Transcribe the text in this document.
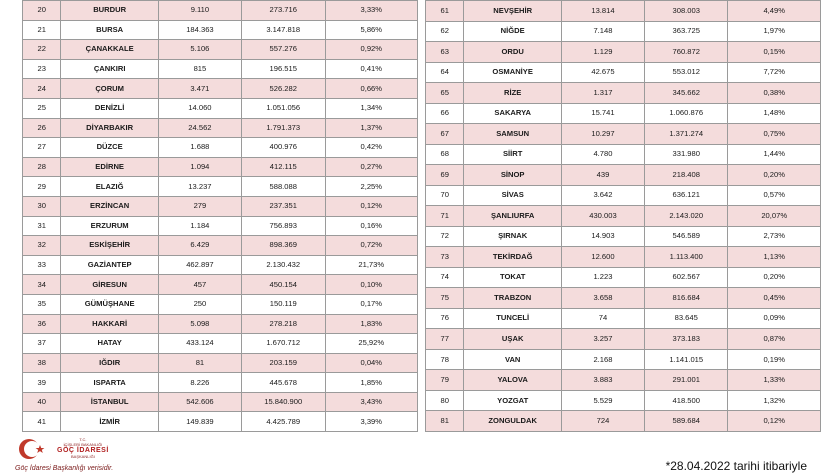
20	BURDUR	9.110	273.716	3,33%
21	BURSA	184.363	3.147.818	5,86%
22	ÇANAKKALE	5.106	557.276	0,92%
23	ÇANKIRI	815	196.515	0,41%
24	ÇORUM	3.471	526.282	0,66%
25	DENİZLİ	14.060	1.051.056	1,34%
26	DİYARBAKIR	24.562	1.791.373	1,37%
27	DÜZCE	1.688	400.976	0,42%
28	EDİRNE	1.094	412.115	0,27%
29	ELAZIĞ	13.237	588.088	2,25%
30	ERZİNCAN	279	237.351	0,12%
31	ERZURUM	1.184	756.893	0,16%
32	ESKİŞEHİR	6.429	898.369	0,72%
33	GAZİANTEP	462.897	2.130.432	21,73%
34	GİRESUN	457	450.154	0,10%
35	GÜMÜŞHANE	250	150.119	0,17%
36	HAKKARİ	5.098	278.218	1,83%
37	HATAY	433.124	1.670.712	25,92%
38	IĞDIR	81	203.159	0,04%
39	ISPARTA	8.226	445.678	1,85%
40	İSTANBUL	542.606	15.840.900	3,43%
41	İZMİR	149.839	4.425.789	3,39%
61	NEVŞEHİR	13.814	308.003	4,49%
62	NİĞDE	7.148	363.725	1,97%
63	ORDU	1.129	760.872	0,15%
64	OSMANİYE	42.675	553.012	7,72%
65	RİZE	1.317	345.662	0,38%
66	SAKARYA	15.741	1.060.876	1,48%
67	SAMSUN	10.297	1.371.274	0,75%
68	SİİRT	4.780	331.980	1,44%
69	SİNOP	439	218.408	0,20%
70	SİVAS	3.642	636.121	0,57%
71	ŞANLIURFA	430.003	2.143.020	20,07%
72	ŞIRNAK	14.903	546.589	2,73%
73	TEKİRDAĞ	12.600	1.113.400	1,13%
74	TOKAT	1.223	602.567	0,20%
75	TRABZON	3.658	816.684	0,45%
76	TUNCELİ	74	83.645	0,09%
77	UŞAK	3.257	373.183	0,87%
78	VAN	2.168	1.141.015	0,19%
79	YALOVA	3.883	291.001	1,33%
80	YOZGAT	5.529	418.500	1,32%
81	ZONGULDAK	724	589.684	0,12%
T.C.
İÇİŞLERİ BAKANLIĞI
GÖÇ İDARESİ
BAŞKANLIĞI
Göç İdaresi Başkanlığı verisidir.	*28.04.2022 tarihi itibariyle
